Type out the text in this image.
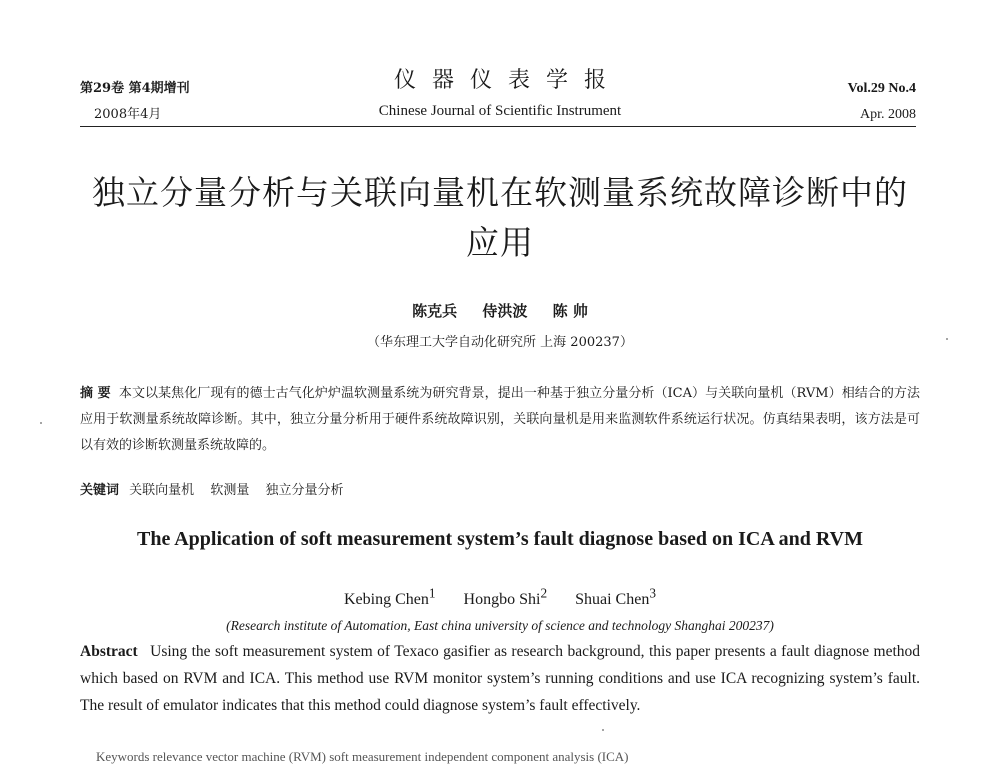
第29卷 第4期增刊
2008年4月
仪器仪表学报
Chinese Journal of Scientific Instrument
Vol.29 No.4
Apr. 2008
独立分量分析与关联向量机在软测量系统故障诊断中的应用
陈克兵 侍洪波 陈 帅
（华东理工大学自动化研究所 上海 200237）
摘 要 本文以某焦化厂现有的德士古气化炉炉温软测量系统为研究背景，提出一种基于独立分量分析（ICA）与关联向量机（RVM）相结合的方法应用于软测量系统故障诊断。其中，独立分量分析用于硬件系统故障识别，关联向量机是用来监测软件系统运行状况。仿真结果表明，该方法是可以有效的诊断软测量系统故障的。
关键词 关联向量机 软测量 独立分量分析
The Application of soft measurement system’s fault diagnose based on ICA and RVM
Kebing Chen$^1$ Hongbo Shi$^2$ Shuai Chen$^3$
(Research institute of Automation, East china university of science and technology Shanghai 200237)
Abstract Using the soft measurement system of Texaco gasifier as research background, this paper presents a fault diagnose method which based on RVM and ICA. This method use RVM monitor system’s running conditions and use ICA recognizing system’s fault. The result of emulator indicates that this method could diagnose system’s fault effectively.
Keywords relevance vector machine (RVM) soft measurement independent component analysis (ICA)
